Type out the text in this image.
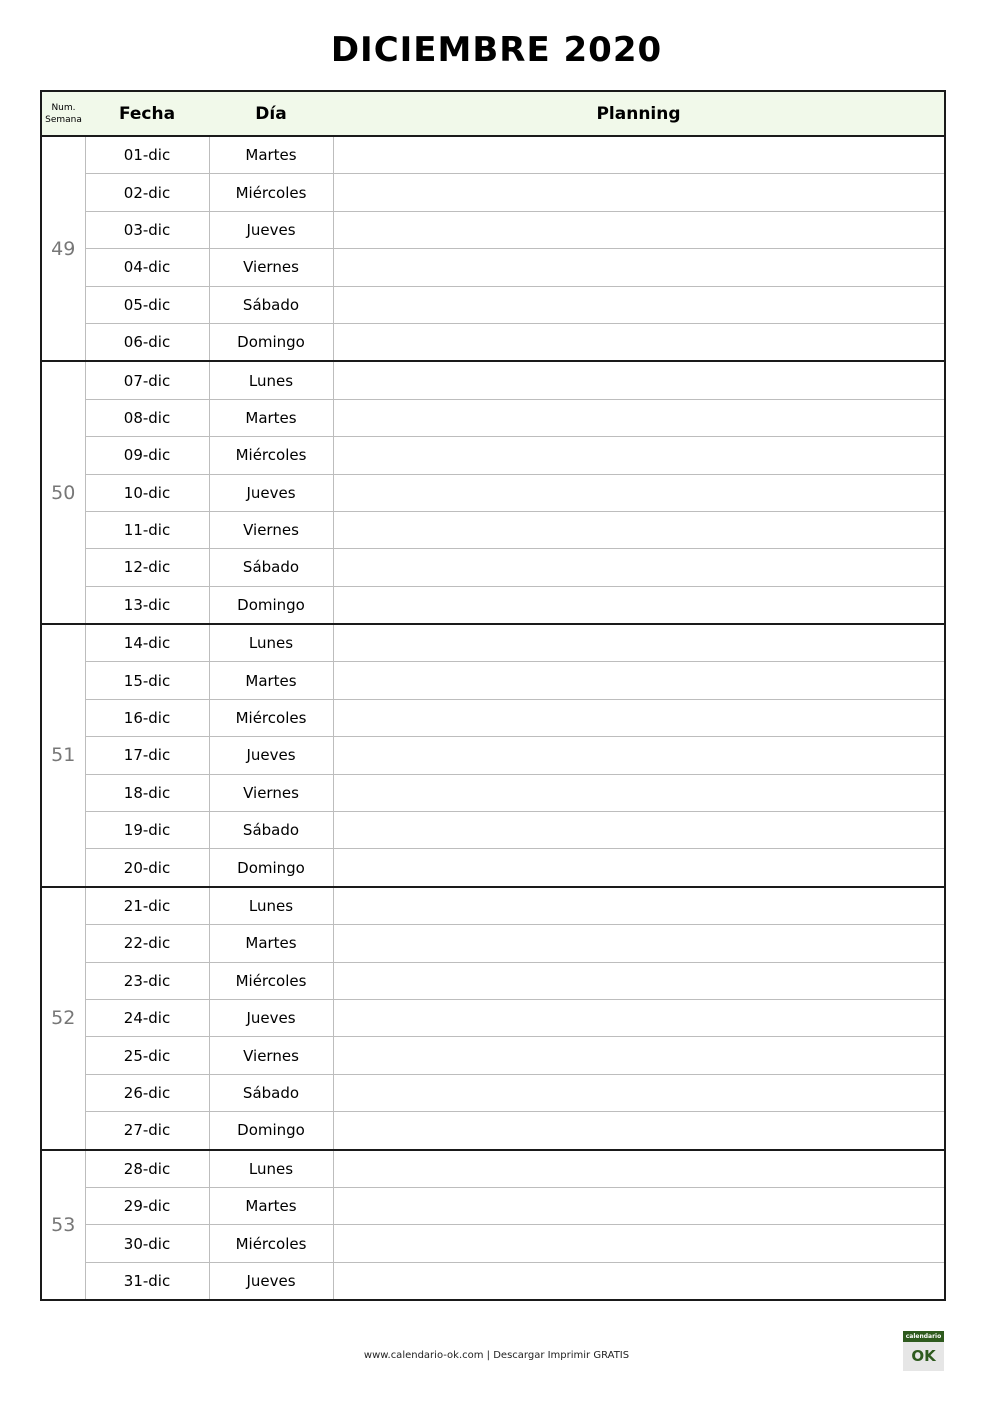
DICIEMBRE 2020
Num.
Semana	Fecha	Día	Planning
49	01-dic	Martes	
	02-dic	Miércoles	
	03-dic	Jueves	
	04-dic	Viernes	
	05-dic	Sábado	
	06-dic	Domingo	
50	07-dic	Lunes	
	08-dic	Martes	
	09-dic	Miércoles	
	10-dic	Jueves	
	11-dic	Viernes	
	12-dic	Sábado	
	13-dic	Domingo	
51	14-dic	Lunes	
	15-dic	Martes	
	16-dic	Miércoles	
	17-dic	Jueves	
	18-dic	Viernes	
	19-dic	Sábado	
	20-dic	Domingo	
52	21-dic	Lunes	
	22-dic	Martes	
	23-dic	Miércoles	
	24-dic	Jueves	
	25-dic	Viernes	
	26-dic	Sábado	
	27-dic	Domingo	
53	28-dic	Lunes	
	29-dic	Martes	
	30-dic	Miércoles	
	31-dic	Jueves	
www.calendario-ok.com | Descargar Imprimir GRATIS
calendario
OK
